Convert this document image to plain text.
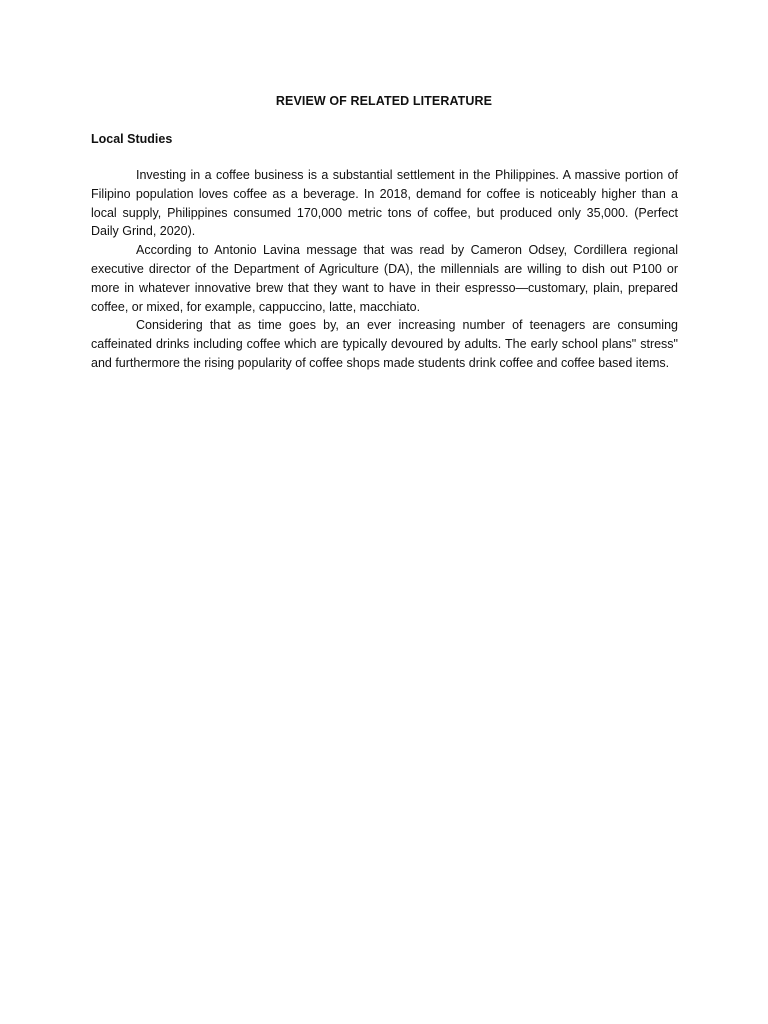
REVIEW OF RELATED LITERATURE
Local Studies

Investing in a coffee business is a substantial settlement in the Philippines. A massive portion of Filipino population loves coffee as a beverage. In 2018, demand for coffee is noticeably higher than a local supply, Philippines consumed 170,000 metric tons of coffee, but produced only 35,000. (Perfect Daily Grind, 2020).

According to Antonio Lavina message that was read by Cameron Odsey, Cordillera regional executive director of the Department of Agriculture (DA), the millennials are willing to dish out P100 or more in whatever innovative brew that they want to have in their espresso—customary, plain, prepared coffee, or mixed, for example, cappuccino, latte, macchiato.

Considering that as time goes by, an ever increasing number of teenagers are consuming caffeinated drinks including coffee which are typically devoured by adults. The early school plans" stress" and furthermore the rising popularity of coffee shops made students drink coffee and coffee based items.
